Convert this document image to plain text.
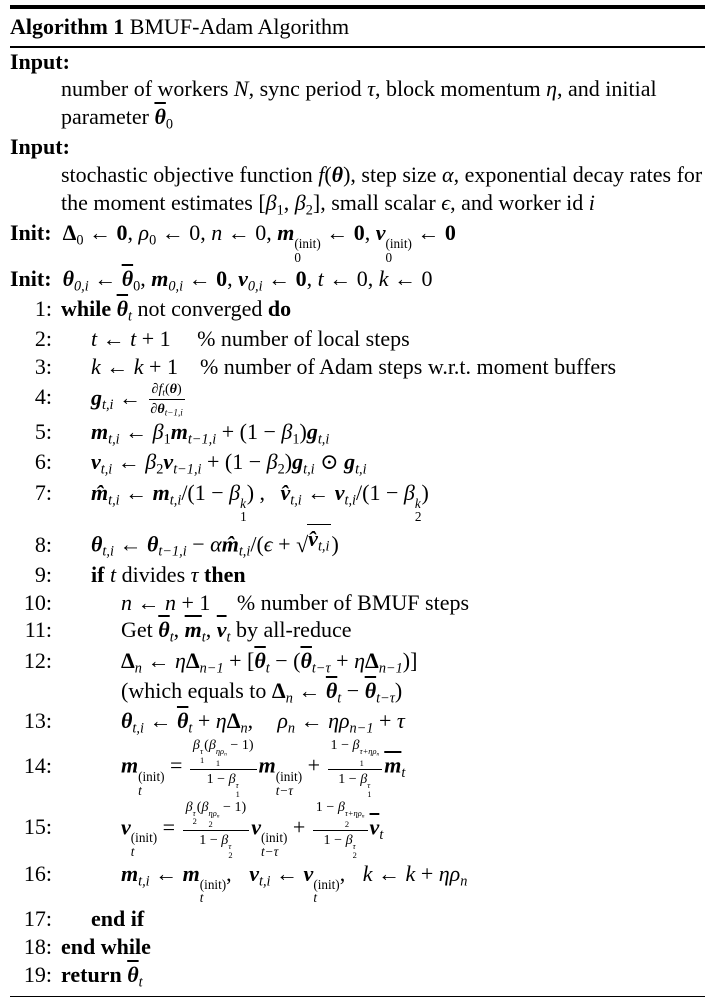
Algorithm 1 BMUF-Adam Algorithm
Input:
number of workers N, sync period τ, block momentum η, and initial parameter $\overline{\theta}0$
Input:
stochastic objective function f(θ), step size α, exponential decay rates for the moment estimates [β1, β2], small scalar ϵ, and worker id i
Init: Δ0 ← 0, ρ0 ← 0, n ← 0, m (init)
0
← 0, v (init)
0
← 0
Init: θ0,i ← $\overline{\theta}0$, m0,i ← 0, v0,i ← 0, t ← 0, k ← 0
1: while $\overline{\theta}t$ not converged do
2:	t ← t + 1 % number of local steps
3:	k ← k + 1 % number of Adam steps w.r.t. moment buffers
4:	gt,i ← $\frac{\partial ft(\theta)}{\partial\theta t-1,i}$
5:	mt,i ← β1mt−1,i + (1 − β1)gt,i
6:	vt,i ← β2vt−1,i + (1 − β2)gt,i ⊙ gt,i
7:	m̂t,i ← mt,i/(1 − β k
1
) , v̂t,i ← vt,i/(1 − β k
2
)
8:	θt,i ← θt−1,i − αm̂t,i/(ϵ + √ v̂t,i )
9:	if t divides τ then
10:	n ← n + 1 % number of BMUF steps
11:	Get $\overline{\theta}t$, $\overline{m}t$, $\overline{v}t$ by all-reduce
12:	Δn ← $\eta\Delta n-1 + [\overline{\theta}t - (\overline{\theta}t-\tau + \eta\Delta n-1)]$
(which equals to Δn ← $\overline{\theta}t - \overline{\theta}t-\tau$)
13:	θt,i ← $\overline{\theta}t + \eta\Delta n$, ρn ← ηρn−1 + τ
14:	m (init)
t
= β τ
1
(β ηρn
1
− 1)
1 − β τ
1 m (init)
t−τ
+ 1 − β τ+ηρn
1
1 − β τ
1 $\overline{m}t$
15:	v (init)
t
= β τ
2
(β ηρn
2
− 1)
1 − β τ
2 v (init)
t−τ
+ 1 − β τ+ηρn
2
1 − β τ
2 $\overline{v}t$
16:	mt,i ← m (init)
t
, vt,i ← v (init)
t
, k ← k + ηρn
17:	end if
18: end while
19: return $\overline{\theta}t$
